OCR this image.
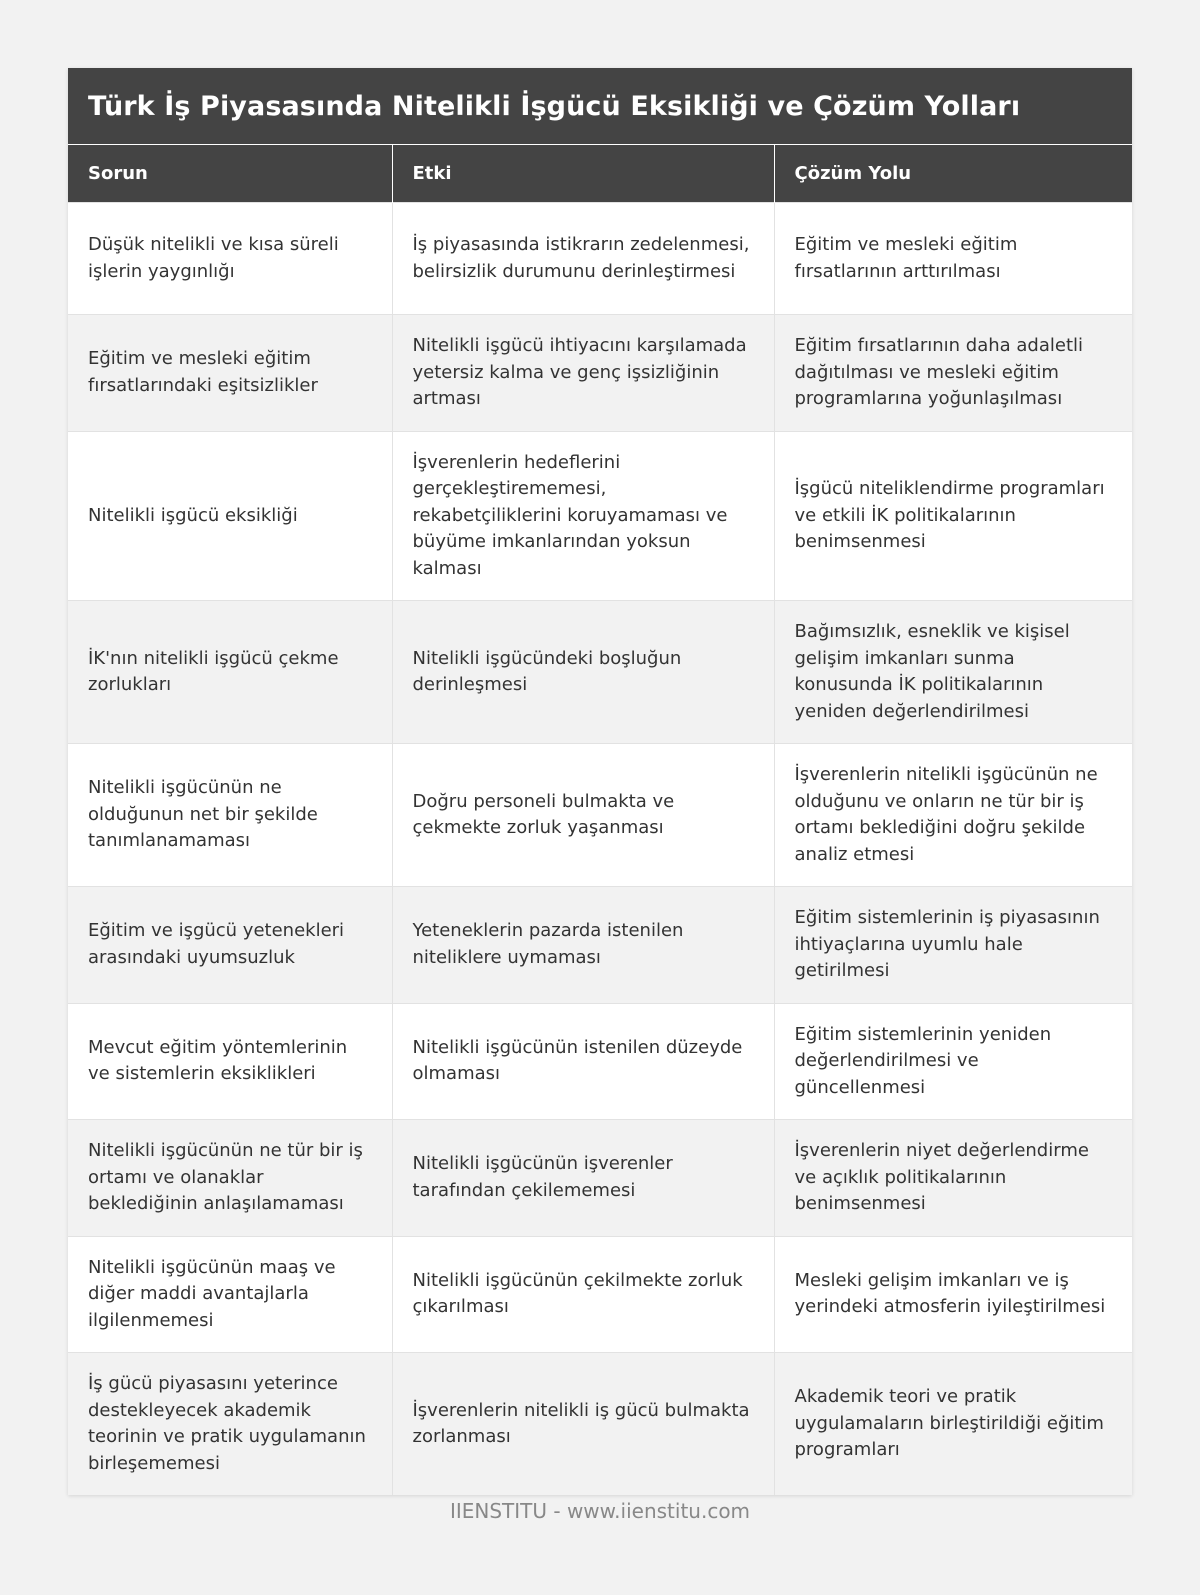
Türk İş Piyasasında Nitelikli İşgücü Eksikliği ve Çözüm Yolları
Sorun	Etki	Çözüm Yolu
Düşük nitelikli ve kısa süreli işlerin yaygınlığı	İş piyasasında istikrarın zedelenmesi, belirsizlik durumunu derinleştirmesi	Eğitim ve mesleki eğitim fırsatlarının arttırılması
Eğitim ve mesleki eğitim fırsatlarındaki eşitsizlikler	Nitelikli işgücü ihtiyacını karşılamada yetersiz kalma ve genç işsizliğinin artması	Eğitim fırsatlarının daha adaletli dağıtılması ve mesleki eğitim programlarına yoğunlaşılması
Nitelikli işgücü eksikliği	İşverenlerin hedeflerini gerçekleştirememesi, rekabetçiliklerini koruyamaması ve büyüme imkanlarından yoksun kalması	İşgücü niteliklendirme programları ve etkili İK politikalarının benimsenmesi
İK'nın nitelikli işgücü çekme zorlukları	Nitelikli işgücündeki boşluğun derinleşmesi	Bağımsızlık, esneklik ve kişisel gelişim imkanları sunma konusunda İK politikalarının yeniden değerlendirilmesi
Nitelikli işgücünün ne olduğunun net bir şekilde tanımlanamaması	Doğru personeli bulmakta ve çekmekte zorluk yaşanması	İşverenlerin nitelikli işgücünün ne olduğunu ve onların ne tür bir iş ortamı beklediğini doğru şekilde analiz etmesi
Eğitim ve işgücü yetenekleri arasındaki uyumsuzluk	Yeteneklerin pazarda istenilen niteliklere uymaması	Eğitim sistemlerinin iş piyasasının ihtiyaçlarına uyumlu hale getirilmesi
Mevcut eğitim yöntemlerinin ve sistemlerin eksiklikleri	Nitelikli işgücünün istenilen düzeyde olmaması	Eğitim sistemlerinin yeniden değerlendirilmesi ve güncellenmesi
Nitelikli işgücünün ne tür bir iş ortamı ve olanaklar beklediğinin anlaşılamaması	Nitelikli işgücünün işverenler tarafından çekilememesi	İşverenlerin niyet değerlendirme ve açıklık politikalarının benimsenmesi
Nitelikli işgücünün maaş ve diğer maddi avantajlarla ilgilenmemesi	Nitelikli işgücünün çekilmekte zorluk çıkarılması	Mesleki gelişim imkanları ve iş yerindeki atmosferin iyileştirilmesi
İş gücü piyasasını yeterince destekleyecek akademik teorinin ve pratik uygulamanın birleşememesi	İşverenlerin nitelikli iş gücü bulmakta zorlanması	Akademik teori ve pratik uygulamaların birleştirildiği eğitim programları
IIENSTITU - www.iienstitu.com
